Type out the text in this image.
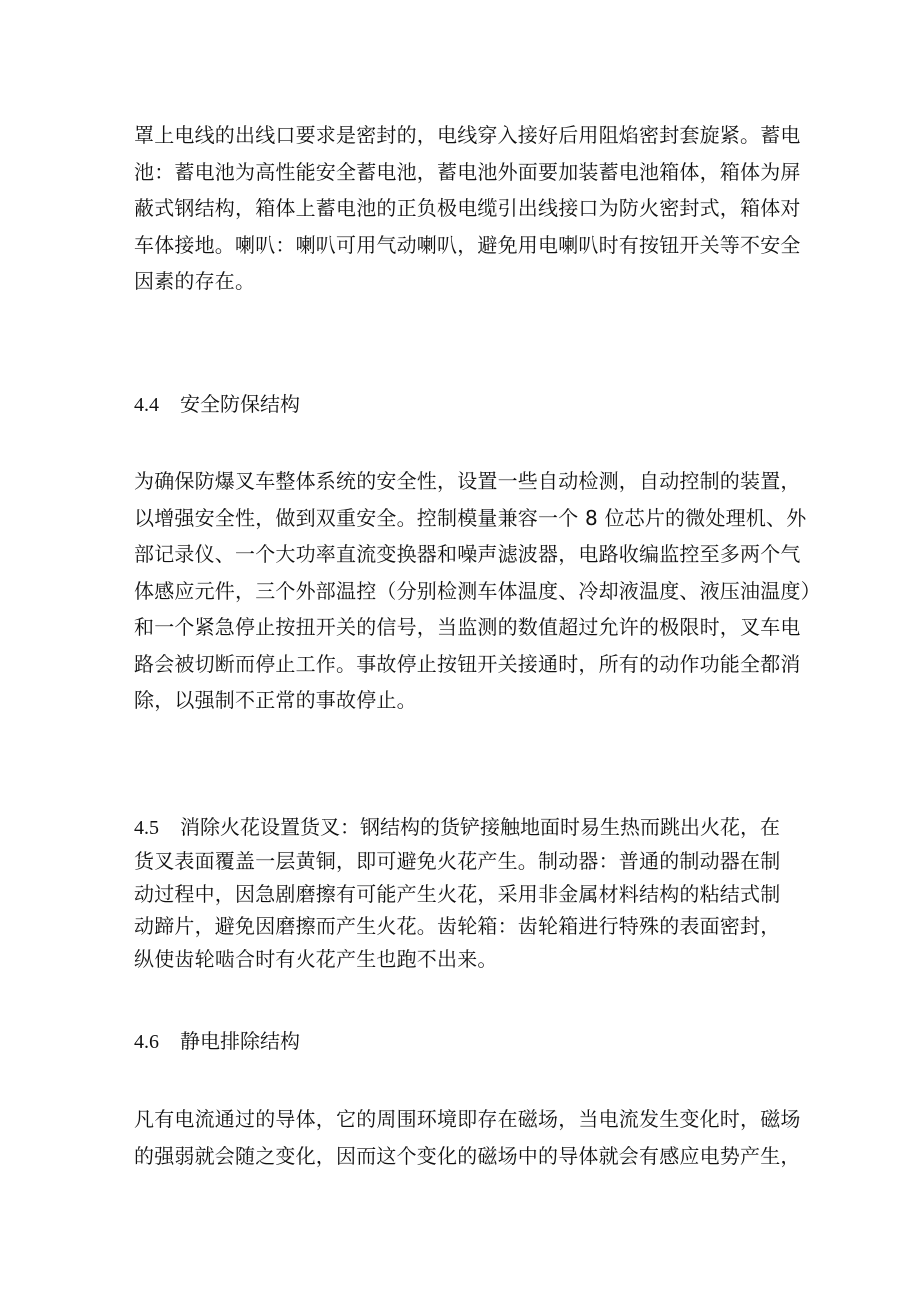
罩上电线的出线口要求是密封的，电线穿入接好后用阻焰密封套旋紧。蓄电
池：蓄电池为高性能安全蓄电池，蓄电池外面要加装蓄电池箱体，箱体为屏
蔽式钢结构，箱体上蓄电池的正负极电缆引出线接口为防火密封式，箱体对
车体接地。喇叭：喇叭可用气动喇叭，避免用电喇叭时有按钮开关等不安全
因素的存在。
4.4 安全防保结构
为确保防爆叉车整体系统的安全性，设置一些自动检测，自动控制的装置，
以增强安全性，做到双重安全。控制模量兼容一个 8 位芯片的微处理机、外
部记录仪、一个大功率直流变换器和噪声滤波器，电路收编监控至多两个气
体感应元件，三个外部温控（分别检测车体温度、冷却液温度、液压油温度）
和一个紧急停止按扭开关的信号，当监测的数值超过允许的极限时，叉车电
路会被切断而停止工作。事故停止按钮开关接通时，所有的动作功能全都消
除，以强制不正常的事故停止。
4.5 消除火花设置货叉：钢结构的货铲接触地面时易生热而跳出火花，在
货叉表面覆盖一层黄铜，即可避免火花产生。制动器：普通的制动器在制
动过程中，因急剧磨擦有可能产生火花，采用非金属材料结构的粘结式制
动蹄片，避免因磨擦而产生火花。齿轮箱：齿轮箱进行特殊的表面密封，
纵使齿轮啮合时有火花产生也跑不出来。
4.6 静电排除结构
凡有电流通过的导体，它的周围环境即存在磁场，当电流发生变化时，磁场
的强弱就会随之变化，因而这个变化的磁场中的导体就会有感应电势产生，
